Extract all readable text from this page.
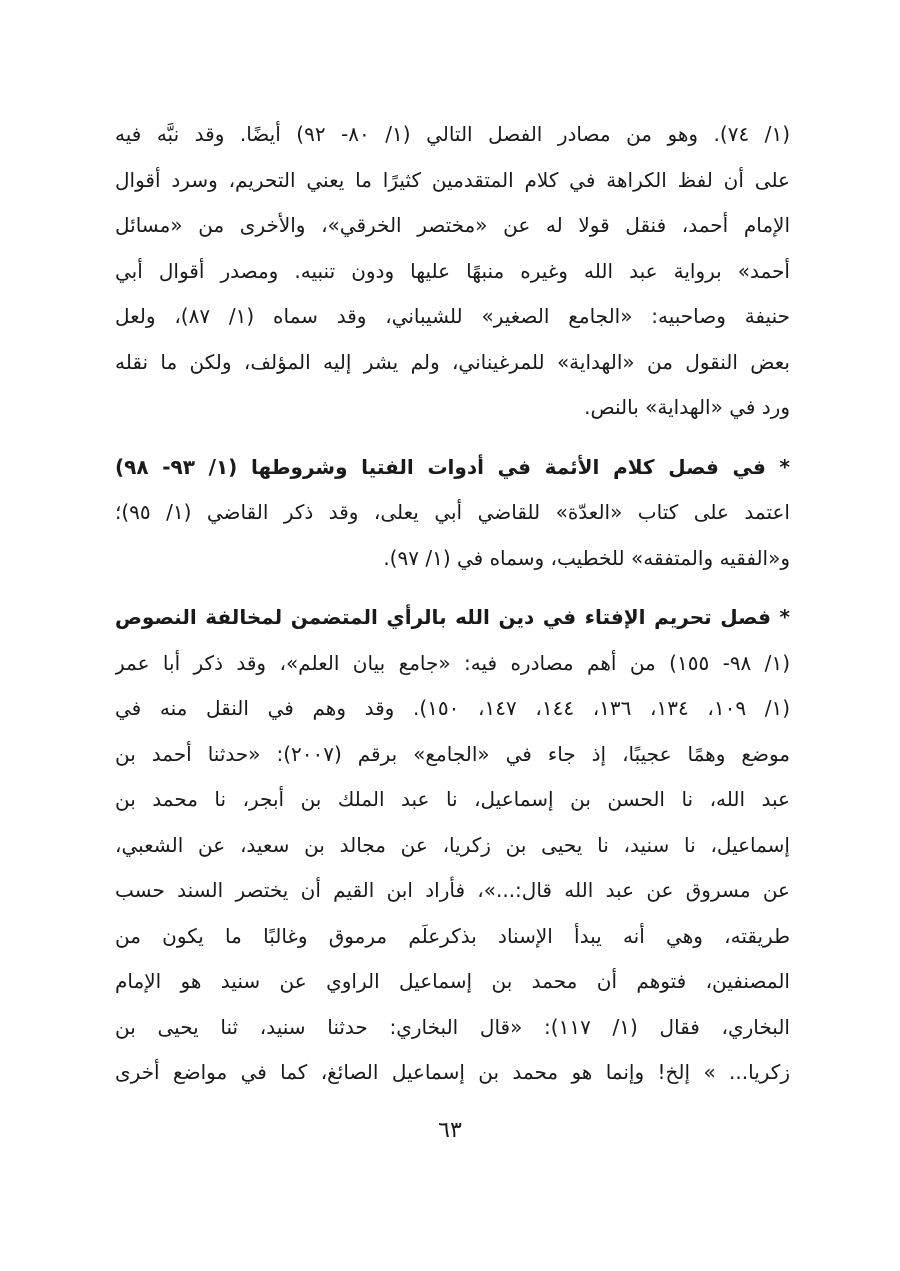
(١/ ٧٤). وهو من مصادر الفصل التالي (١/ ٨٠- ٩٢) أيضًا. وقد نبَّه فيه
على أن لفظ الكراهة في كلام المتقدمين كثيرًا ما يعني التحريم، وسرد أقوال
الإمام أحمد، فنقل قولا له عن «مختصر الخرقي»، والأخرى من «مسائل
أحمد» برواية عبد الله وغيره منبهًا عليها ودون تنبيه. ومصدر أقوال أبي
حنيفة وصاحبيه: «الجامع الصغير» للشيباني، وقد سماه (١/ ٨٧)، ولعل
بعض النقول من «الهداية» للمرغيناني، ولم يشر إليه المؤلف، ولكن ما نقله
ورد في «الهداية» بالنص.
* في فصل كلام الأئمة في أدوات الفتيا وشروطها (١/ ٩٣- ٩٨)
اعتمد على كتاب «العدّة» للقاضي أبي يعلى، وقد ذكر القاضي (١/ ٩٥)؛
و«الفقيه والمتفقه» للخطيب، وسماه في (١/ ٩٧).
* فصل تحريم الإفتاء في دين الله بالرأي المتضمن لمخالفة النصوص
(١/ ٩٨- ١٥٥) من أهم مصادره فيه: «جامع بيان العلم»، وقد ذكر أبا عمر
(١/ ١٠٩، ١٣٤، ١٣٦، ١٤٤، ١٤٧، ١٥٠). وقد وهم في النقل منه في
موضع وهمًا عجيبًا، إذ جاء في «الجامع» برقم (٢٠٠٧): «حدثنا أحمد بن
عبد الله، نا الحسن بن إسماعيل، نا عبد الملك بن أبجر، نا محمد بن
إسماعيل، نا سنيد، نا يحيى بن زكريا، عن مجالد بن سعيد، عن الشعبي،
عن مسروق عن عبد الله قال:...»، فأراد ابن القيم أن يختصر السند حسب
طريقته، وهي أنه يبدأ الإسناد بذكرعلَم مرموق وغالبًا ما يكون من
المصنفين، فتوهم أن محمد بن إسماعيل الراوي عن سنيد هو الإمام
البخاري، فقال (١/ ١١٧): «قال البخاري: حدثنا سنيد، ثنا يحيى بن
زكريا... » إلخ! وإنما هو محمد بن إسماعيل الصائغ، كما في مواضع أخرى
٦٣
